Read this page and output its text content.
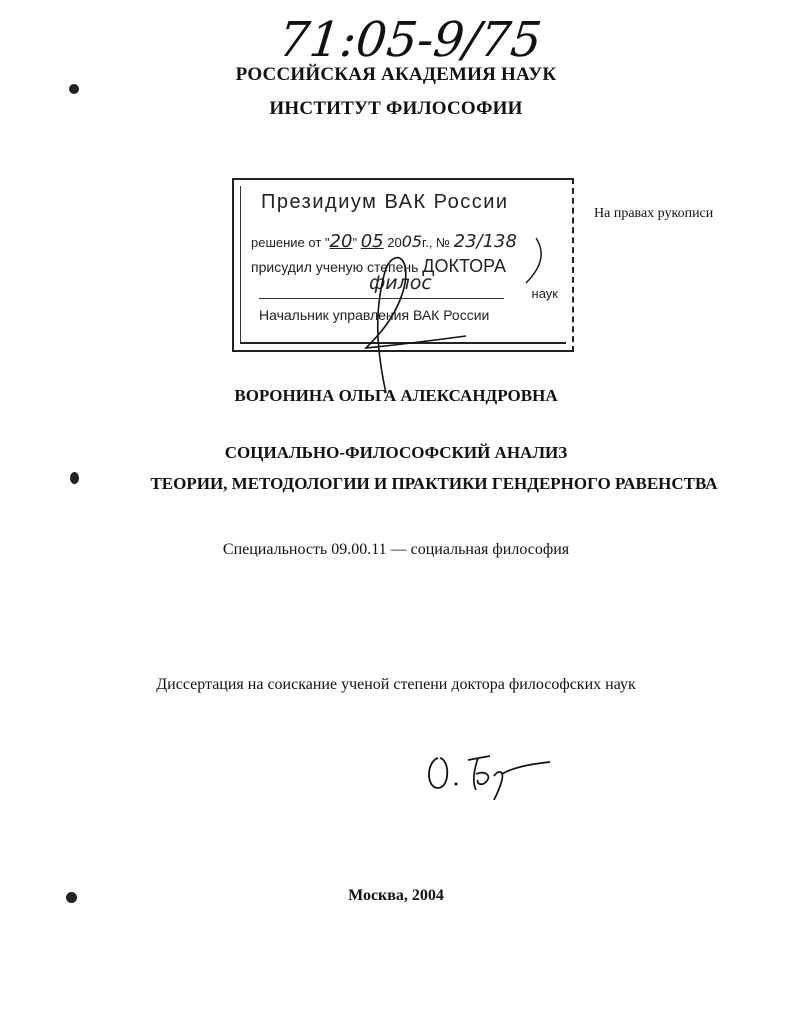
71:05-9/75
РОССИЙСКАЯ АКАДЕМИЯ НАУК
ИНСТИТУТ ФИЛОСОФИИ
На правах рукописи
Президиум ВАК России
решение от "20" 05 2005г., № 23/138
присудил ученую степень ДОКТОРА
филос	наук
Начальник управления ВАК России
ВОРОНИНА ОЛЬГА АЛЕКСАНДРОВНА
СОЦИАЛЬНО-ФИЛОСОФСКИЙ АНАЛИЗ
ТЕОРИИ, МЕТОДОЛОГИИ И ПРАКТИКИ ГЕНДЕРНОГО РАВЕНСТВА
Специальность 09.00.11 — социальная философия
Диссертация на соискание ученой степени доктора философских наук
Москва, 2004
